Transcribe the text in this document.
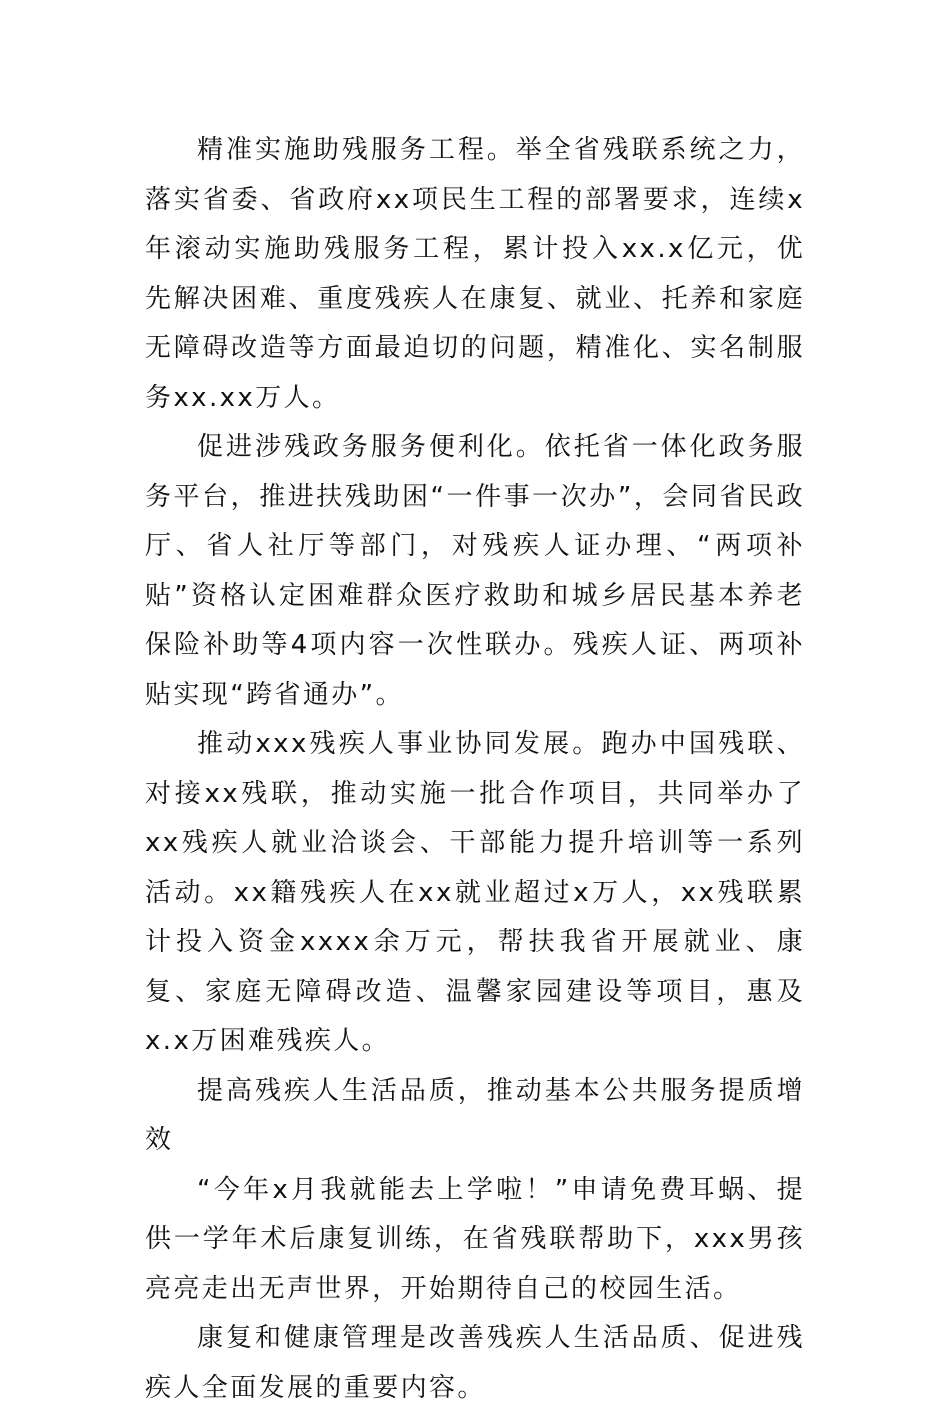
精准实施助残服务工程。举全省残联系统之力，落实省委、省政府xx项民生工程的部署要求，连续x年滚动实施助残服务工程，累计投入xx.x亿元，优先解决困难、重度残疾人在康复、就业、托养和家庭无障碍改造等方面最迫切的问题，精准化、实名制服务xx.xx万人。

促进涉残政务服务便利化。依托省一体化政务服务平台，推进扶残助困“一件事一次办”，会同省民政厅、省人社厅等部门，对残疾人证办理、“两项补贴”资格认定困难群众医疗救助和城乡居民基本养老保险补助等4项内容一次性联办。残疾人证、两项补贴实现“跨省通办”。

推动xxx残疾人事业协同发展。跑办中国残联、对接xx残联，推动实施一批合作项目，共同举办了xx残疾人就业洽谈会、干部能力提升培训等一系列活动。xx籍残疾人在xx就业超过x万人，xx残联累计投入资金xxxx余万元，帮扶我省开展就业、康复、家庭无障碍改造、温馨家园建设等项目，惠及x.x万困难残疾人。

提高残疾人生活品质，推动基本公共服务提质增效

“今年x月我就能去上学啦！”申请免费耳蜗、提供一学年术后康复训练，在省残联帮助下，xxx男孩亮亮走出无声世界，开始期待自己的校园生活。

康复和健康管理是改善残疾人生活品质、促进残疾人全面发展的重要内容。
